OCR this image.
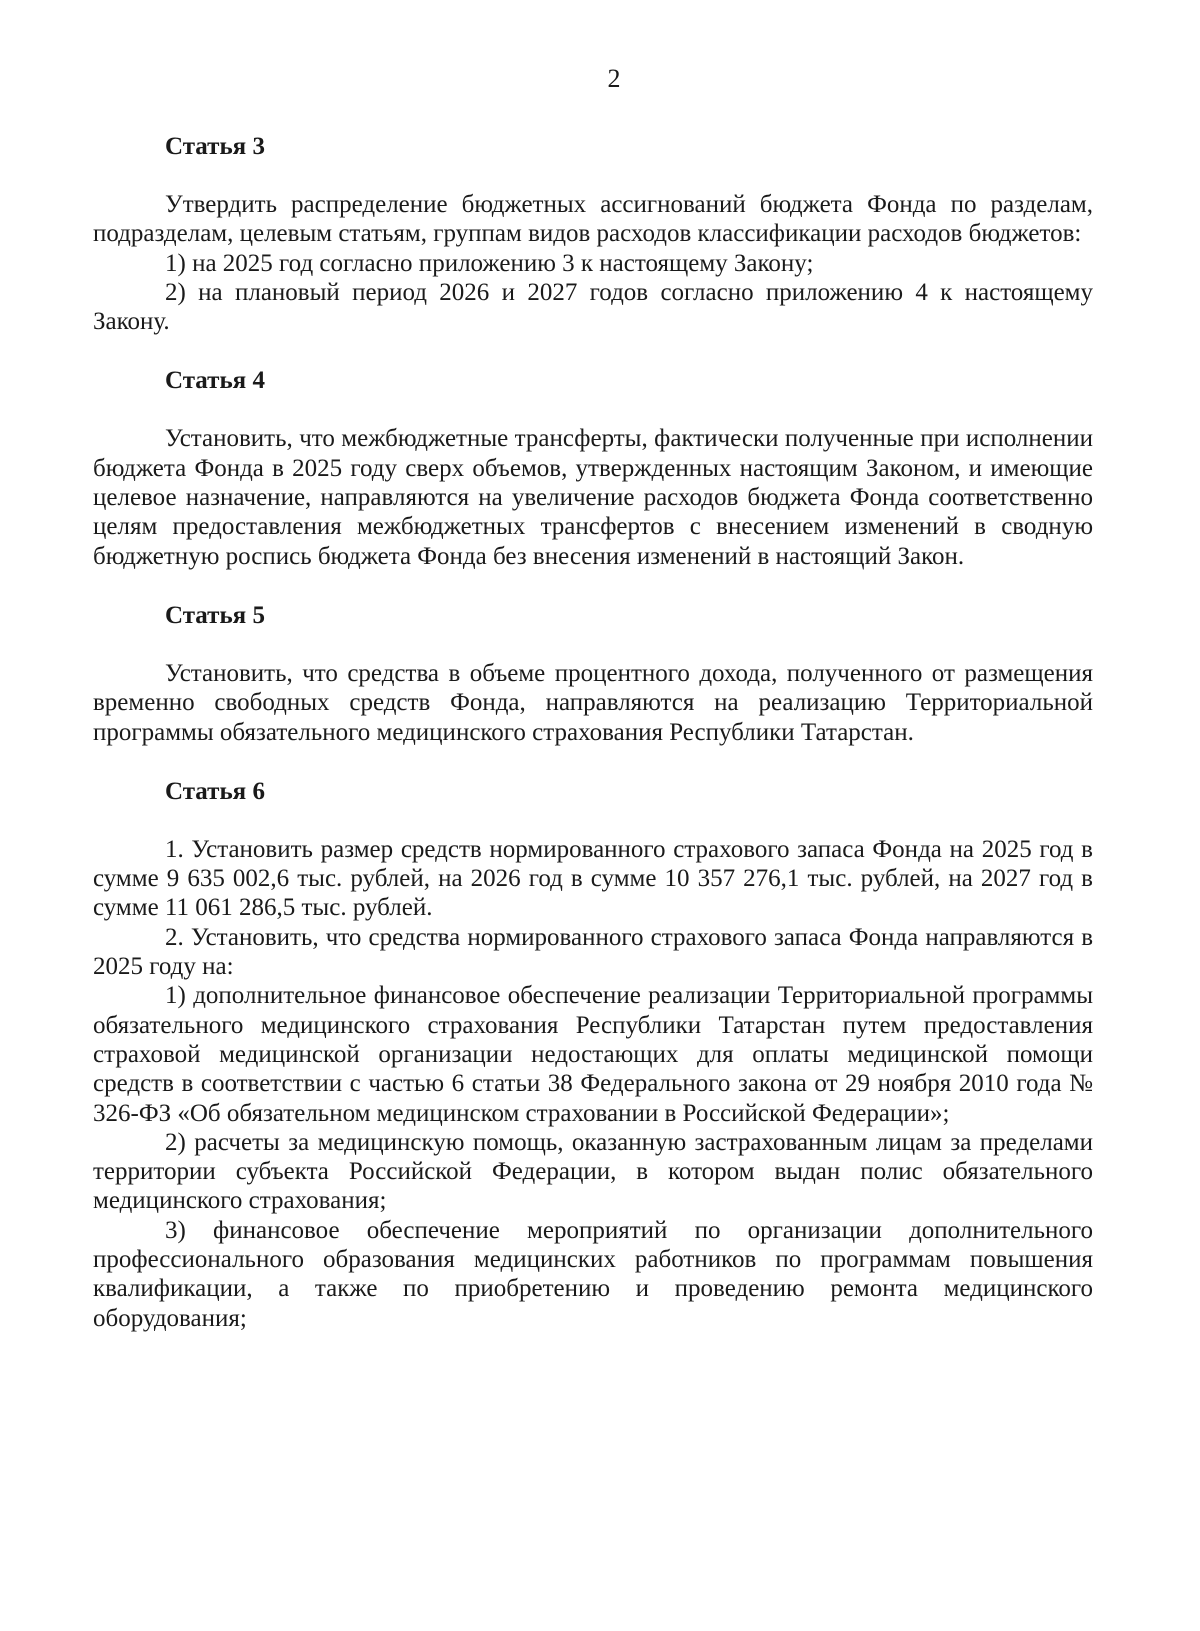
2
Статья 3

Утвердить распределение бюджетных ассигнований бюджета Фонда по разделам, подразделам, целевым статьям, группам видов расходов классификации расходов бюджетов:

1) на 2025 год согласно приложению 3 к настоящему Закону;

2) на плановый период 2026 и 2027 годов согласно приложению 4 к настоящему Закону.

Статья 4

Установить, что межбюджетные трансферты, фактически полученные при исполнении бюджета Фонда в 2025 году сверх объемов, утвержденных настоящим Законом, и имеющие целевое назначение, направляются на увеличение расходов бюджета Фонда соответственно целям предоставления межбюджетных трансфертов с внесением изменений в сводную бюджетную роспись бюджета Фонда без внесения изменений в настоящий Закон.

Статья 5

Установить, что средства в объеме процентного дохода, полученного от размещения временно свободных средств Фонда, направляются на реализацию Территориальной программы обязательного медицинского страхования Республики Татарстан.

Статья 6

1. Установить размер средств нормированного страхового запаса Фонда на 2025 год в сумме 9 635 002,6 тыс. рублей, на 2026 год в сумме 10 357 276,1 тыс. рублей, на 2027 год в сумме 11 061 286,5 тыс. рублей.

2. Установить, что средства нормированного страхового запаса Фонда направляются в 2025 году на:

1) дополнительное финансовое обеспечение реализации Территориальной программы обязательного медицинского страхования Республики Татарстан путем предоставления страховой медицинской организации недостающих для оплаты медицинской помощи средств в соответствии с частью 6 статьи 38 Федерального закона от 29 ноября 2010 года № 326-ФЗ «Об обязательном медицинском страховании в Российской Федерации»;

2) расчеты за медицинскую помощь, оказанную застрахованным лицам за пределами территории субъекта Российской Федерации, в котором выдан полис обязательного медицинского страхования;

3) финансовое обеспечение мероприятий по организации дополнительного профессионального образования медицинских работников по программам повышения квалификации, а также по приобретению и проведению ремонта медицинского оборудования;
